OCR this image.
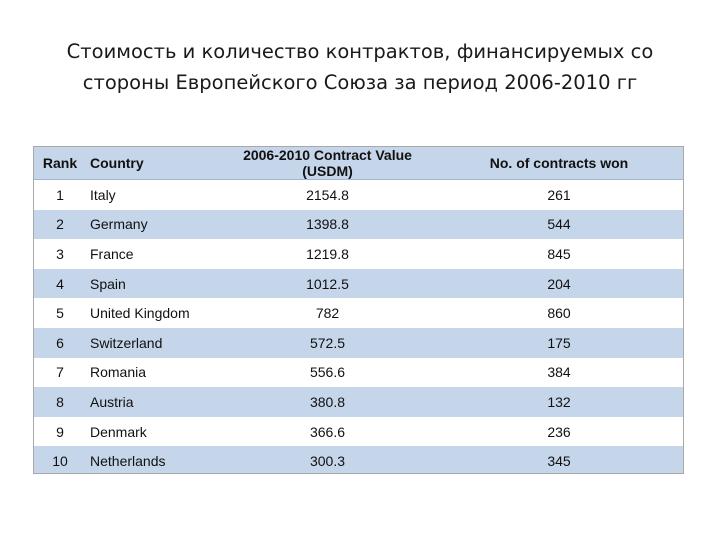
Стоимость и количество контрактов, финансируемых со
стороны Европейского Союза за период 2006-2010 гг
Rank	Country	2006-2010 Contract Value (USDM)	No. of contracts won
1	Italy	2154.8	261
2	Germany	1398.8	544
3	France	1219.8	845
4	Spain	1012.5	204
5	United Kingdom	782	860
6	Switzerland	572.5	175
7	Romania	556.6	384
8	Austria	380.8	132
9	Denmark	366.6	236
10	Netherlands	300.3	345
